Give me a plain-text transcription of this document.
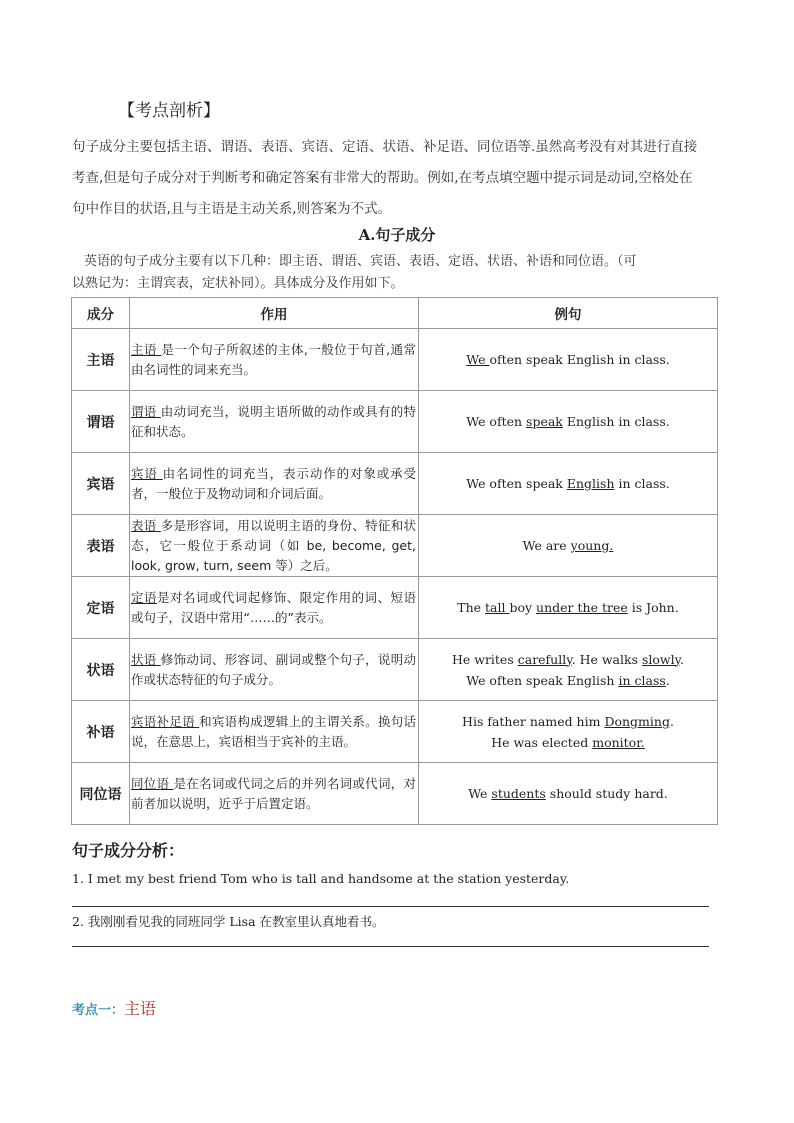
【考点剖析】
句子成分主要包括主语、谓语、表语、宾语、定语、状语、补足语、同位语等.虽然高考没有对其进行直接
考查,但是句子成分对于判断考和确定答案有非常大的帮助。例如,在考点填空题中提示词是动词,空格处在
句中作目的状语,且与主语是主动关系,则答案为不式。
A.句子成分
英语的句子成分主要有以下几种：即主语、谓语、宾语、表语、定语、状语、补语和同位语。（可
以熟记为：主谓宾表，定状补同）。具体成分及作用如下。
成分	作用	例句
主语	主语 是一个句子所叙述的主体,一般位于句首,通常由名词性的词来充当。	We often speak English in class.

谓语	谓语 由动词充当，说明主语所做的动作或具有的特征和状态。	We often speak English in class.

宾语	宾语 由名词性的词充当，表示动作的对象或承受者，一般位于及物动词和介词后面。	We often speak English in class.

表语	表语 多是形容词，用以说明主语的身份、特征和状态，它一般位于系动词（如 be, become, get, look, grow, turn, seem 等）之后。	We are young.

定语	定语是对名词或代词起修饰、限定作用的词、短语或句子，汉语中常用“……的”表示。	The tall boy under the tree is John.

状语	状语 修饰动词、形容词、副词或整个句子，说明动作或状态特征的句子成分。	He writes carefully. He walks slowly.
We often speak English in class.

补语	宾语补足语 和宾语构成逻辑上的主谓关系。换句话说，在意思上，宾语相当于宾补的主语。	His father named him Dongming.
He was elected monitor.

同位语	同位语 是在名词或代词之后的并列名词或代词，对前者加以说明，近乎于后置定语。	We students should study hard.
句子成分分析：
1. I met my best friend Tom who is tall and handsome at the station yesterday.
2. 我刚刚看见我的同班同学 Lisa 在教室里认真地看书。
考点一：主语
